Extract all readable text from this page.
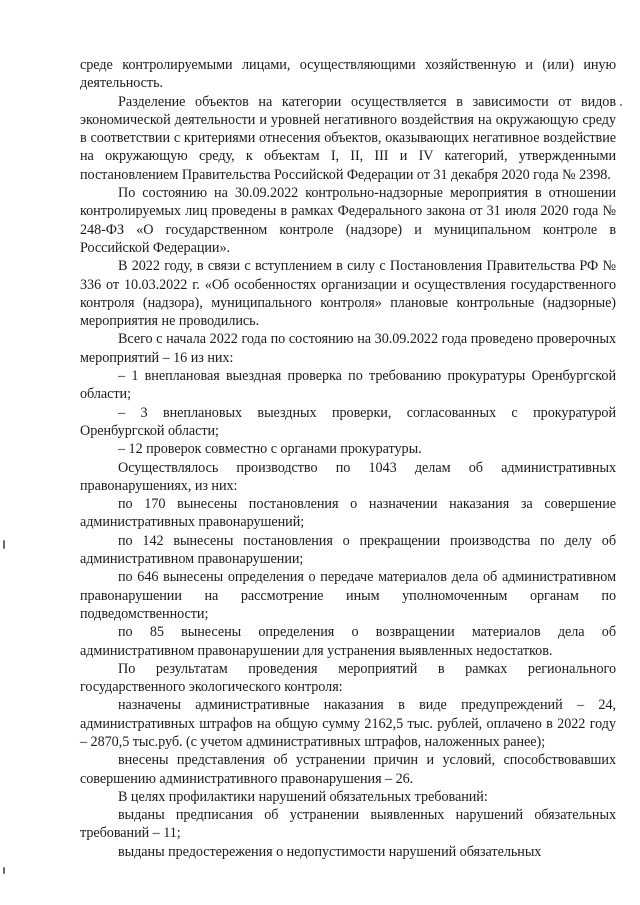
среде контролируемыми лицами, осуществляющими хозяйственную и (или) иную деятельность.

Разделение объектов на категории осуществляется в зависимости от видов экономической деятельности и уровней негативного воздействия на окружающую среду в соответствии с критериями отнесения объектов, оказывающих негативное воздействие на окружающую среду, к объектам I, II, III и IV категорий, утвержденными постановлением Правительства Российской Федерации от 31 декабря 2020 года № 2398.

По состоянию на 30.09.2022 контрольно-надзорные мероприятия в отношении контролируемых лиц проведены в рамках Федерального закона от 31 июля 2020 года № 248-ФЗ «О государственном контроле (надзоре) и муниципальном контроле в Российской Федерации».

В 2022 году, в связи с вступлением в силу с Постановления Правительства РФ № 336 от 10.03.2022 г. «Об особенностях организации и осуществления государственного контроля (надзора), муниципального контроля» плановые контрольные (надзорные) мероприятия не проводились.

Всего с начала 2022 года по состоянию на 30.09.2022 года проведено проверочных мероприятий – 16 из них:

– 1 внеплановая выездная проверка по требованию прокуратуры Оренбургской области;

– 3 внеплановых выездных проверки, согласованных с прокуратурой Оренбургской области;

– 12 проверок совместно с органами прокуратуры.

Осуществлялось производство по 1043 делам об административных правонарушениях, из них:

по 170 вынесены постановления о назначении наказания за совершение административных правонарушений;

по 142 вынесены постановления о прекращении производства по делу об административном правонарушении;

по 646 вынесены определения о передаче материалов дела об административном правонарушении на рассмотрение иным уполномоченным органам по подведомственности;

по 85 вынесены определения о возвращении материалов дела об административном правонарушении для устранения выявленных недостатков.

По результатам проведения мероприятий в рамках регионального государственного экологического контроля:

назначены административные наказания в виде предупреждений – 24, административных штрафов на общую сумму 2162,5 тыс. рублей, оплачено в 2022 году – 2870,5 тыс.руб. (с учетом административных штрафов, наложенных ранее);

внесены представления об устранении причин и условий, способствовавших совершению административного правонарушения – 26.

В целях профилактики нарушений обязательных требований:

выданы предписания об устранении выявленных нарушений обязательных требований – 11;

выданы предостережения о недопустимости нарушений обязательных
